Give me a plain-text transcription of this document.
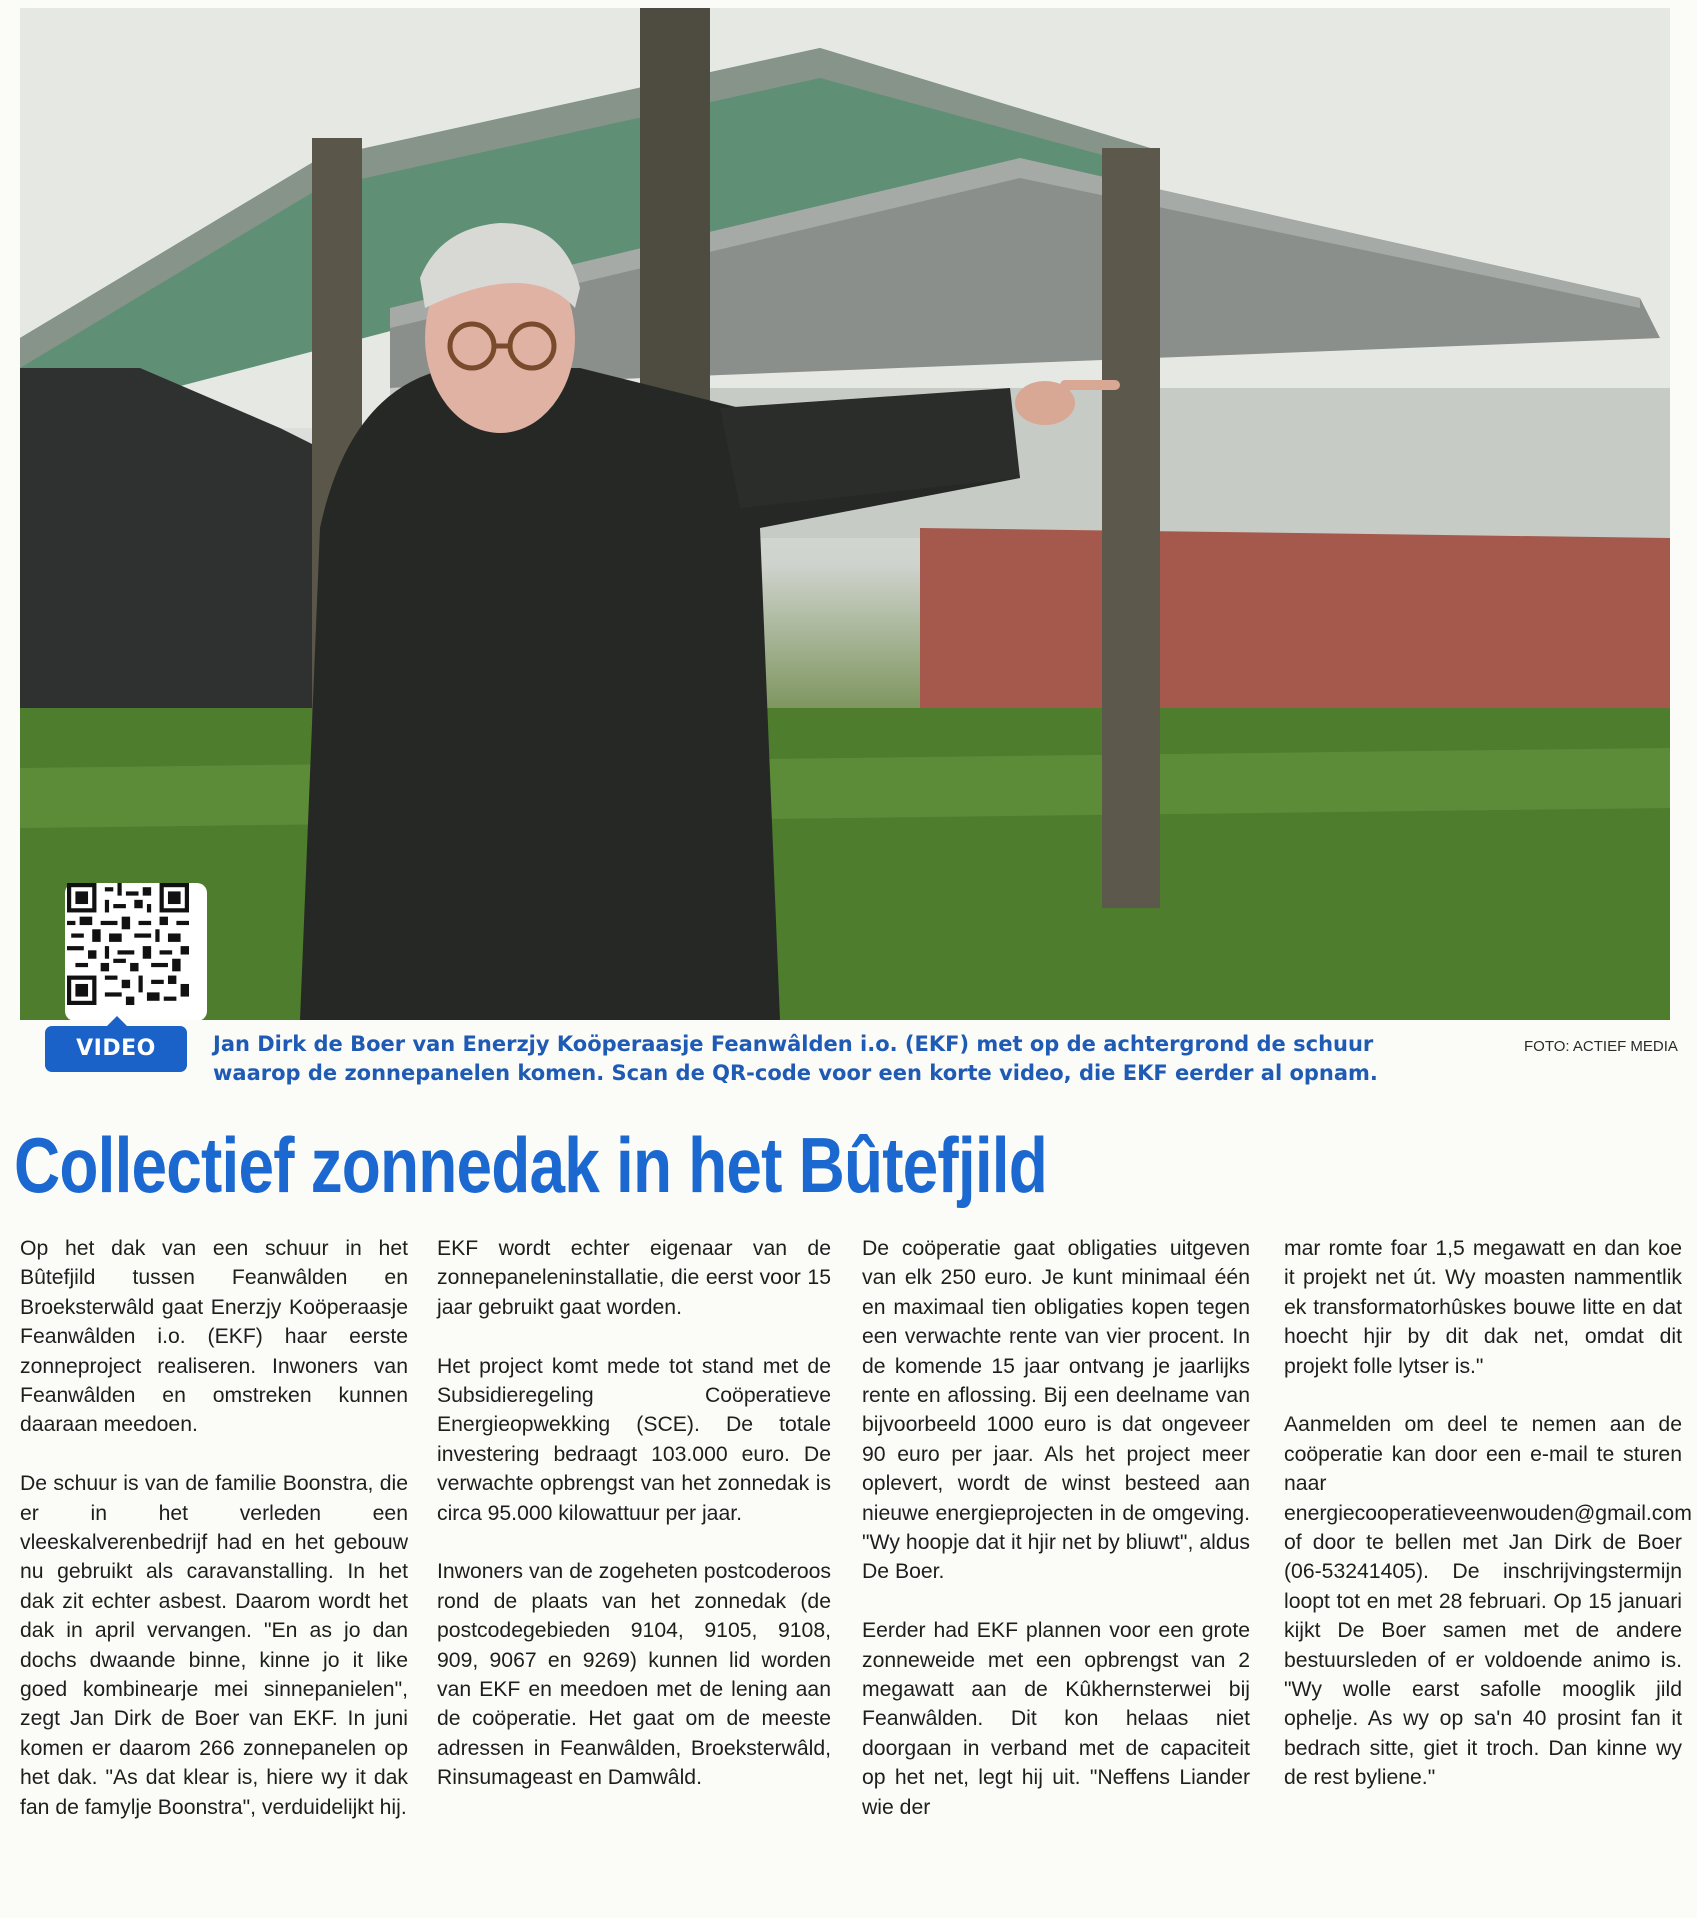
VIDEO	Jan Dirk de Boer van Enerzjy Koöperaasje Feanwâlden i.o. (EKF) met op de achtergrond de schuur
waarop de zonnepanelen komen. Scan de QR-code voor een korte video, die EKF eerder al opnam.
FOTO: ACTIEF MEDIA
Collectief zonnedak in het Bûtefjild

Op het dak van een schuur in het Bûtefjild tussen Feanwâlden en Broeksterwâld gaat Enerzjy Koöperaasje Feanwâlden i.o. (EKF) haar eerste zonneproject realiseren. Inwoners van Feanwâlden en omstreken kunnen daaraan meedoen.

De schuur is van de familie Boonstra, die er in het verleden een vleeskalverenbedrijf had en het gebouw nu gebruikt als caravanstalling. In het dak zit echter asbest. Daarom wordt het dak in april vervangen. "En as jo dan dochs dwaande binne, kinne jo it like goed kombinearje mei sinnepanielen", zegt Jan Dirk de Boer van EKF. In juni komen er daarom 266 zonnepanelen op het dak. "As dat klear is, hiere wy it dak fan de famylje Boonstra", verduidelijkt hij.

EKF wordt echter eigenaar van de zonnepaneleninstallatie, die eerst voor 15 jaar gebruikt gaat worden.

Het project komt mede tot stand met de Subsidieregeling Coöperatieve Energieopwekking (SCE). De totale investering bedraagt 103.000 euro. De verwachte opbrengst van het zonnedak is circa 95.000 kilowattuur per jaar.

Inwoners van de zogeheten postcoderoos rond de plaats van het zonnedak (de postcodegebieden 9104, 9105, 9108, 909, 9067 en 9269) kunnen lid worden van EKF en meedoen met de lening aan de coöperatie. Het gaat om de meeste adressen in Feanwâlden, Broeksterwâld, Rinsumageast en Damwâld.

De coöperatie gaat obligaties uitgeven van elk 250 euro. Je kunt minimaal één en maximaal tien obligaties kopen tegen een verwachte rente van vier procent. In de komende 15 jaar ontvang je jaarlijks rente en aflossing. Bij een deelname van bijvoorbeeld 1000 euro is dat ongeveer 90 euro per jaar. Als het project meer oplevert, wordt de winst besteed aan nieuwe energieprojecten in de omgeving. "Wy hoopje dat it hjir net by bliuwt", aldus De Boer.

Eerder had EKF plannen voor een grote zonneweide met een opbrengst van 2 megawatt aan de Kûkhernsterwei bij Feanwâlden. Dit kon helaas niet doorgaan in verband met de capaciteit op het net, legt hij uit. "Neffens Liander wie der

mar romte foar 1,5 megawatt en dan koe it projekt net út. Wy moasten nammentlik ek transformatorhûskes bouwe litte en dat hoecht hjir by dit dak net, omdat dit projekt folle lytser is."

Aanmelden om deel te nemen aan de coöperatie kan door een e-mail te sturen naar energiecooperatieveenwouden@gmail.com of door te bellen met Jan Dirk de Boer (06-53241405). De inschrijvingstermijn loopt tot en met 28 februari. Op 15 januari kijkt De Boer samen met de andere bestuursleden of er voldoende animo is. "Wy wolle earst safolle mooglik jild ophelje. As wy op sa'n 40 prosint fan it bedrach sitte, giet it troch. Dan kinne wy de rest byliene."
